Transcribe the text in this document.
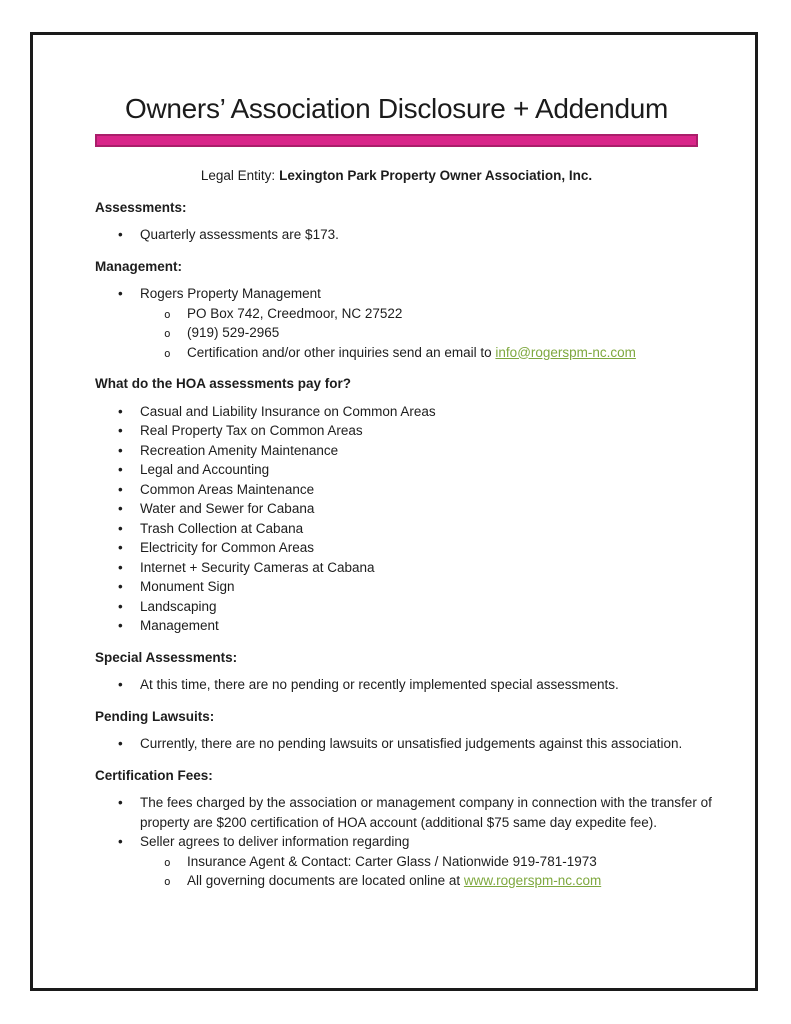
Owners’ Association Disclosure + Addendum
Legal Entity: Lexington Park Property Owner Association, Inc.
Assessments:
• Quarterly assessments are $173.
Management:
• Rogers Property Management
o PO Box 742, Creedmoor, NC 27522
o (919) 529-2965
o Certification and/or other inquiries send an email to info@rogerspm-nc.com
What do the HOA assessments pay for?
• Casual and Liability Insurance on Common Areas
• Real Property Tax on Common Areas
• Recreation Amenity Maintenance
• Legal and Accounting
• Common Areas Maintenance
• Water and Sewer for Cabana
• Trash Collection at Cabana
• Electricity for Common Areas
• Internet + Security Cameras at Cabana
• Monument Sign
• Landscaping
• Management
Special Assessments:
• At this time, there are no pending or recently implemented special assessments.
Pending Lawsuits:
• Currently, there are no pending lawsuits or unsatisfied judgements against this association.
Certification Fees:
• The fees charged by the association or management company in connection with the transfer of property are $200 certification of HOA account (additional $75 same day expedite fee).
• Seller agrees to deliver information regarding
o Insurance Agent & Contact: Carter Glass / Nationwide 919-781-1973
o All governing documents are located online at www.rogerspm-nc.com
